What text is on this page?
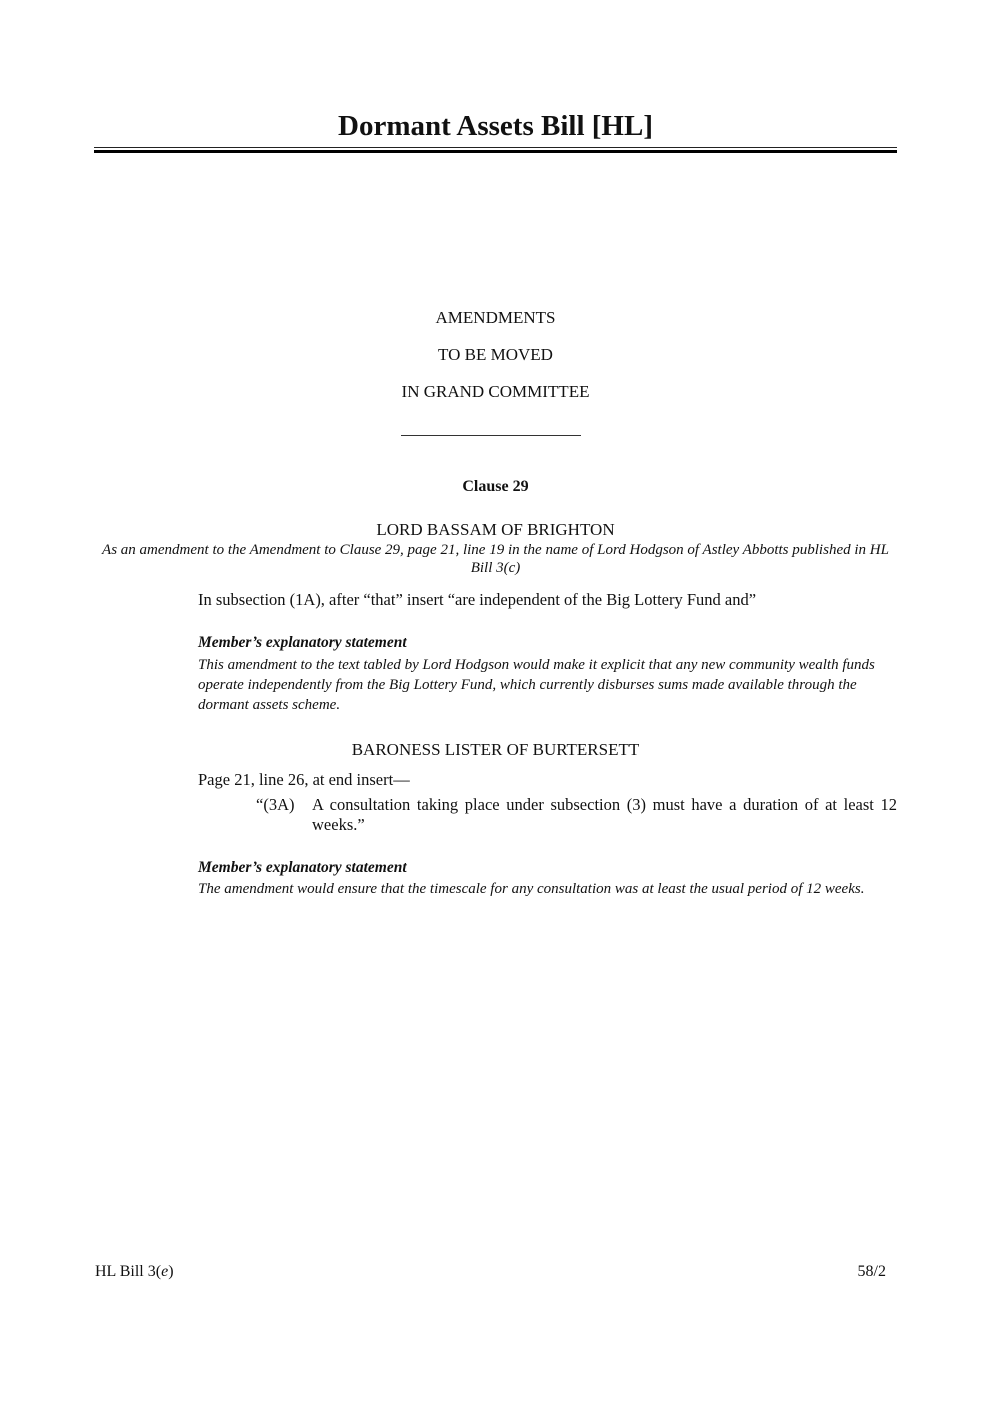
Dormant Assets Bill [HL]
AMENDMENTS
TO BE MOVED
IN GRAND COMMITTEE
Clause 29
LORD BASSAM OF BRIGHTON
As an amendment to the Amendment to Clause 29, page 21, line 19 in the name of Lord Hodgson of Astley Abbotts published in HL Bill 3(c)
In subsection (1A), after “that” insert “are independent of the Big Lottery Fund and”
Member’s explanatory statement
This amendment to the text tabled by Lord Hodgson would make it explicit that any new community wealth funds operate independently from the Big Lottery Fund, which currently disburses sums made available through the dormant assets scheme.
BARONESS LISTER OF BURTERSETT
Page 21, line 26, at end insert—
“(3A)	A consultation taking place under subsection (3) must have a duration of at least 12 weeks.”
Member’s explanatory statement
The amendment would ensure that the timescale for any consultation was at least the usual period of 12 weeks.
HL Bill 3(e)	58/2
